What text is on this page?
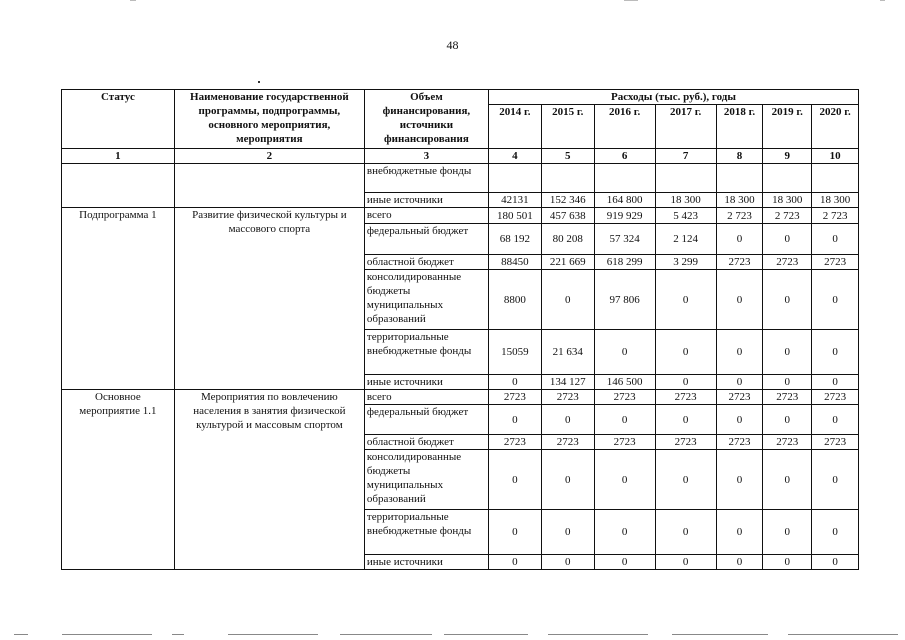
48
Статус	Наименование государственной программы, подпрограммы, основного мероприятия, мероприятия	Объем финансирования, источники финансирования	Расходы (тыс. руб.), годы						
			2014 г.	2015 г.	2016 г.	2017 г.	2018 г.	2019 г.	2020 г.
1	2	3	4	5	6	7	8	9	10
		внебюджетные фонды							
		иные источники	42131	152 346	164 800	18 300	18 300	18 300	18 300
Подпрограмма 1	Развитие физической культуры и массового спорта	всего	180 501	457 638	919 929	5 423	2 723	2 723	2 723
		федеральный бюджет	68 192	80 208	57 324	2 124	0	0	0
		областной бюджет	88450	221 669	618 299	3 299	2723	2723	2723
		консолидированные бюджеты муниципальных образований	8800	0	97 806	0	0	0	0
		территориальные внебюджетные фонды	15059	21 634	0	0	0	0	0
		иные источники	0	134 127	146 500	0	0	0	0
Основное мероприятие 1.1	Мероприятия по вовлечению населения в занятия физической культурой и массовым спортом	всего	2723	2723	2723	2723	2723	2723	2723
		федеральный бюджет	0	0	0	0	0	0	0
		областной бюджет	2723	2723	2723	2723	2723	2723	2723
		консолидированные бюджеты муниципальных образований	0	0	0	0	0	0	0
		территориальные внебюджетные фонды	0	0	0	0	0	0	0
		иные источники	0	0	0	0	0	0	0
